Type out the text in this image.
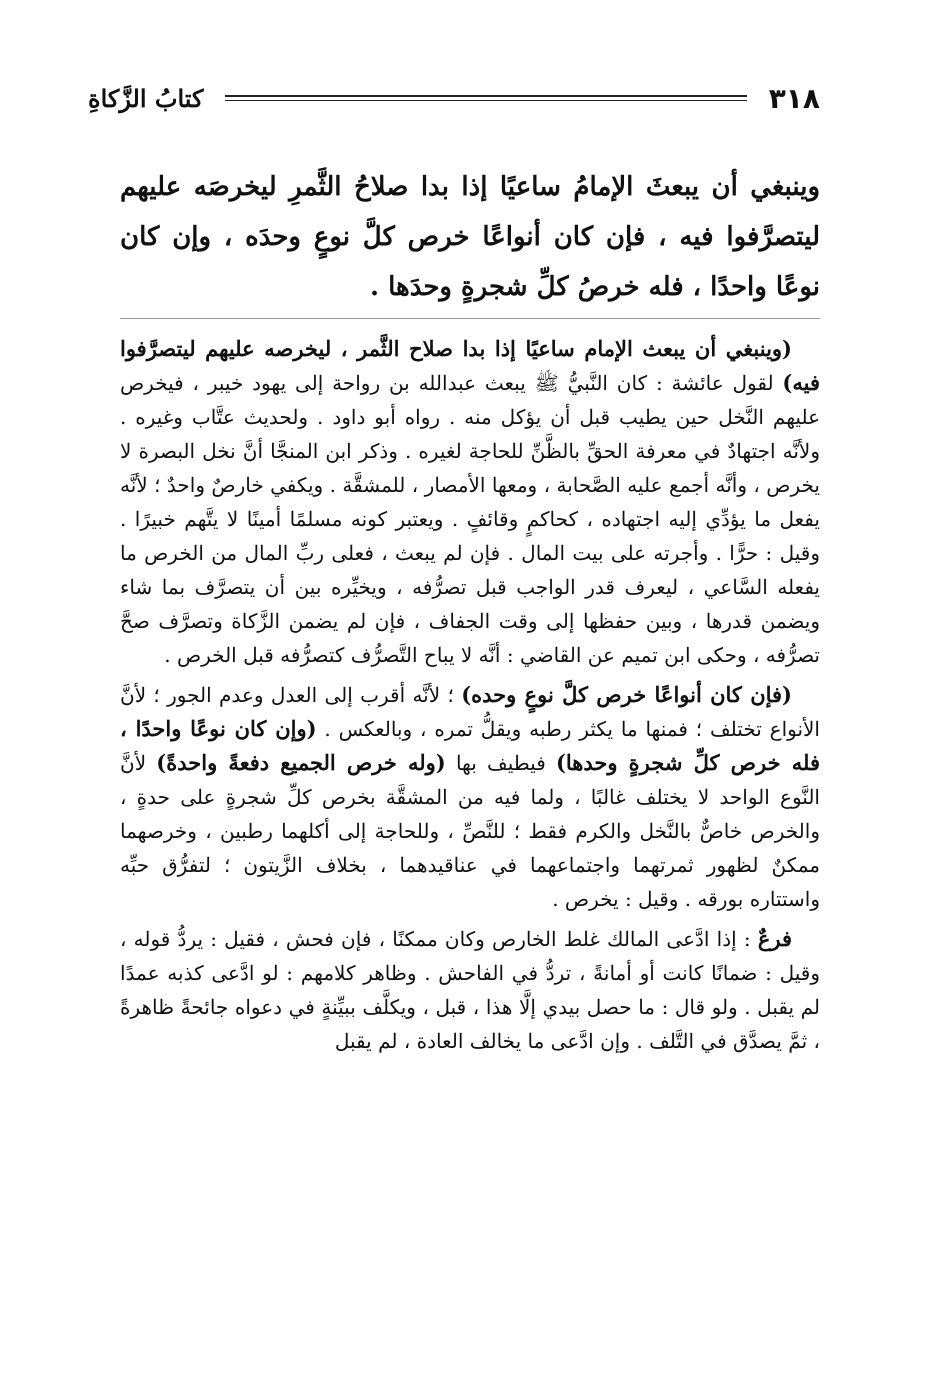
٣١٨
كتابُ الزَّكاةِ
وينبغي أن يبعثَ الإمامُ ساعيًا إذا بدا صلاحُ الثَّمرِ ليخرصَه عليهم ليتصرَّفوا فيه ، فإن كان أنواعًا خرص كلَّ نوعٍ وحدَه ، وإن كان نوعًا واحدًا ، فله خرصُ كلِّ شجرةٍ وحدَها .

(وينبغي أن يبعث الإمام ساعيًا إذا بدا صلاح الثَّمر ، ليخرصه عليهم ليتصرَّفوا فيه) لقول عائشة : كان النَّبيُّ ﷺ يبعث عبدالله بن رواحة إلى يهود خيبر ، فيخرص عليهم النَّخل حين يطيب قبل أن يؤكل منه . رواه أبو داود . ولحديث عتَّاب وغيره . ولأنَّه اجتهادٌ في معرفة الحقِّ بالظَّنِّ للحاجة لغيره . وذكر ابن المنجَّا أنَّ نخل البصرة لا يخرص ، وأنَّه أجمع عليه الصَّحابة ، ومعها الأمصار ، للمشقَّة . ويكفي خارصٌ واحدٌ ؛ لأنَّه يفعل ما يؤدِّي إليه اجتهاده ، كحاكمٍ وقائفٍ . ويعتبر كونه مسلمًا أمينًا لا يتَّهم خبيرًا . وقيل : حرًّا . وأجرته على بيت المال . فإن لم يبعث ، فعلى ربِّ المال من الخرص ما يفعله السَّاعي ، ليعرف قدر الواجب قبل تصرُّفه ، ويخيِّره بين أن يتصرَّف بما شاء ويضمن قدرها ، وبين حفظها إلى وقت الجفاف ، فإن لم يضمن الزَّكاة وتصرَّف صحَّ تصرُّفه ، وحكى ابن تميم عن القاضي : أنَّه لا يباح التَّصرُّف كتصرُّفه قبل الخرص .

(فإن كان أنواعًا خرص كلَّ نوعٍ وحده) ؛ لأنَّه أقرب إلى العدل وعدم الجور ؛ لأنَّ الأنواع تختلف ؛ فمنها ما يكثر رطبه ويقلُّ تمره ، وبالعكس . (وإن كان نوعًا واحدًا ، فله خرص كلِّ شجرةٍ وحدها) فيطيف بها (وله خرص الجميع دفعةً واحدةً) لأنَّ النَّوع الواحد لا يختلف غالبًا ، ولما فيه من المشقَّة بخرص كلِّ شجرةٍ على حدةٍ ، والخرص خاصٌّ بالنَّخل والكرم فقط ؛ للنَّصِّ ، وللحاجة إلى أكلهما رطبين ، وخرصهما ممكنٌ لظهور ثمرتهما واجتماعهما في عناقيدهما ، بخلاف الزَّيتون ؛ لتفرُّق حبِّه واستتاره بورقه . وقيل : يخرص .

فرعٌ : إذا ادَّعى المالك غلط الخارص وكان ممكنًا ، فإن فحش ، فقيل : يردُّ قوله ، وقيل : ضمانًا كانت أو أمانةً ، تردُّ في الفاحش . وظاهر كلامهم : لو ادَّعى كذبه عمدًا لم يقبل . ولو قال : ما حصل بيدي إلَّا هذا ، قبل ، ويكلَّف ببيِّنةٍ في دعواه جائحةً ظاهرةً ، ثمَّ يصدَّق في التَّلف . وإن ادَّعى ما يخالف العادة ، لم يقبل
